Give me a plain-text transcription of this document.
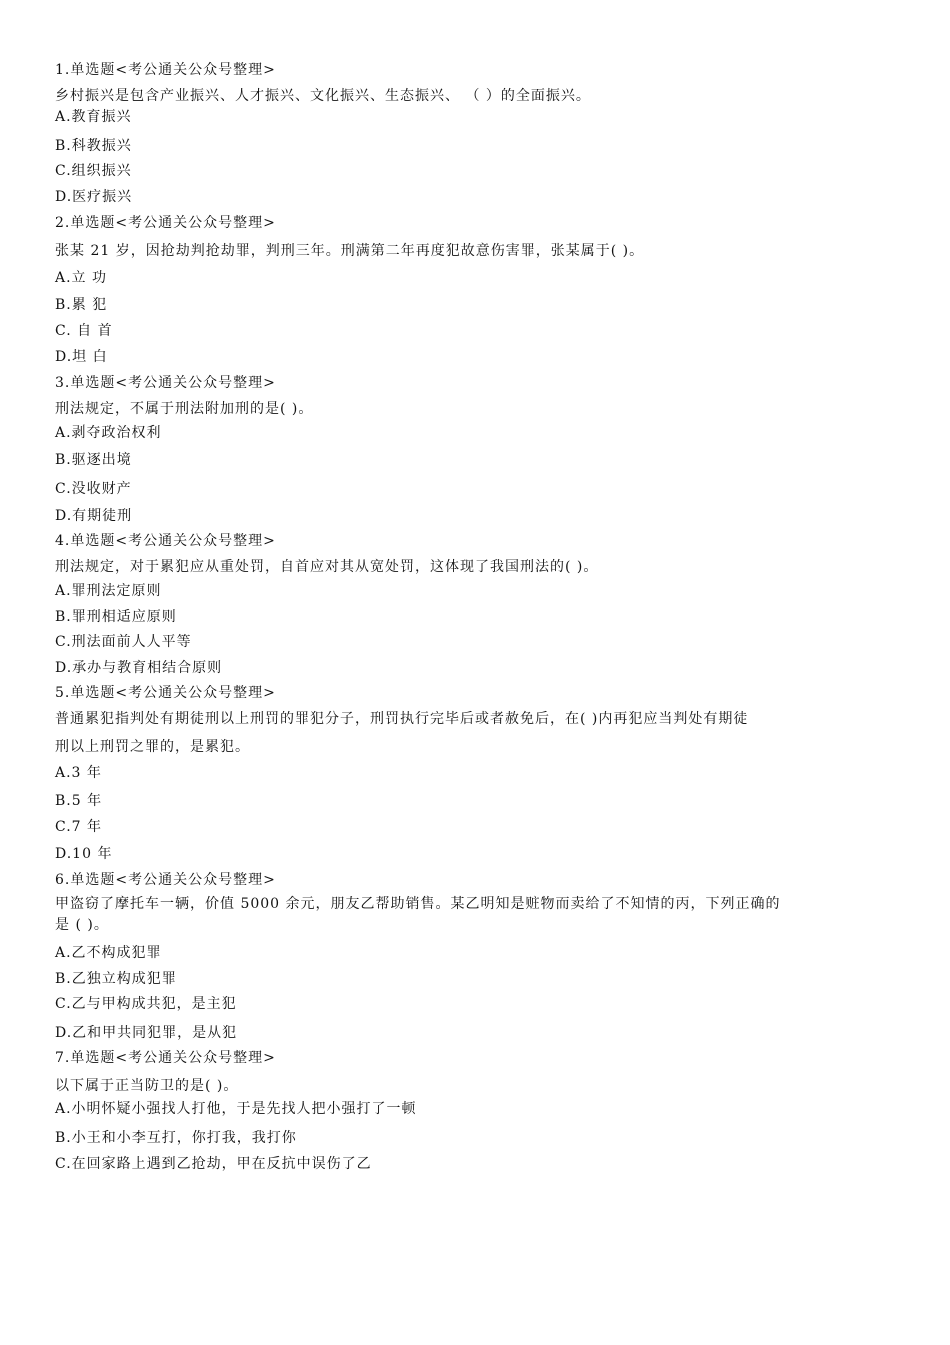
1.单选题<考公通关公众号整理>
乡村振兴是包含产业振兴、人才振兴、文化振兴、生态振兴、 （ ）的全面振兴。
A.教育振兴
B.科教振兴
C.组织振兴
D.医疗振兴
2.单选题<考公通关公众号整理>
张某 21 岁，因抢劫判抢劫罪，判刑三年。刑满第二年再度犯故意伤害罪，张某属于( )。
A.立 功
B.累 犯
C. 自 首
D.坦 白
3.单选题<考公通关公众号整理>
刑法规定，不属于刑法附加刑的是( )。
A.剥夺政治权利
B.驱逐出境
C.没收财产
D.有期徒刑
4.单选题<考公通关公众号整理>
刑法规定，对于累犯应从重处罚，自首应对其从宽处罚，这体现了我国刑法的( )。
A.罪刑法定原则
B.罪刑相适应原则
C.刑法面前人人平等
D.承办与教育相结合原则
5.单选题<考公通关公众号整理>
普通累犯指判处有期徒刑以上刑罚的罪犯分子，刑罚执行完毕后或者赦免后，在( )内再犯应当判处有期徒
刑以上刑罚之罪的，是累犯。
A.3 年
B.5 年
C.7 年
D.10 年
6.单选题<考公通关公众号整理>
甲盗窃了摩托车一辆，价值 5000 余元，朋友乙帮助销售。某乙明知是赃物而卖给了不知情的丙，下列正确的
是 ( )。
A.乙不构成犯罪
B.乙独立构成犯罪
C.乙与甲构成共犯，是主犯
D.乙和甲共同犯罪，是从犯
7.单选题<考公通关公众号整理>
以下属于正当防卫的是( )。
A.小明怀疑小强找人打他，于是先找人把小强打了一顿
B.小王和小李互打，你打我，我打你
C.在回家路上遇到乙抢劫，甲在反抗中误伤了乙
